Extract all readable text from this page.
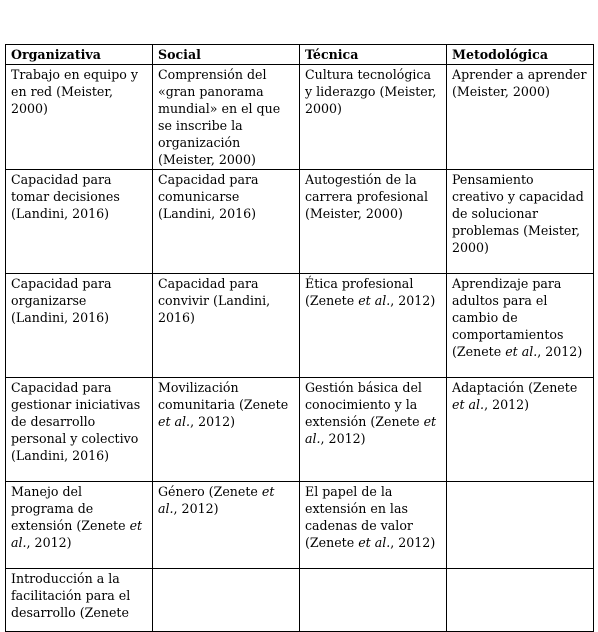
Organizativa	Social	Técnica	Metodológica
Trabajo en equipo y en red (Meister, 2000)	Comprensión del «gran panorama mundial» en el que se inscribe la organización (Meister, 2000)	Cultura tecnológica y liderazgo (Meister, 2000)	Aprender a aprender (Meister, 2000)
Capacidad para tomar decisiones (Landini, 2016)	Capacidad para comunicarse (Landini, 2016)	Autogestión de la carrera profesional (Meister, 2000)	Pensamiento creativo y capacidad de solucionar problemas (Meister, 2000)
Capacidad para organizarse (Landini, 2016)	Capacidad para convivir (Landini, 2016)	Ética profesional (Zenete et al., 2012)	Aprendizaje para adultos para el cambio de comportamientos (Zenete et al., 2012)
Capacidad para gestionar iniciativas de desarrollo personal y colectivo (Landini, 2016)	Movilización comunitaria (Zenete et al., 2012)	Gestión básica del conocimiento y la extensión (Zenete et al., 2012)	Adaptación (Zenete et al., 2012)
Manejo del programa de extensión (Zenete et al., 2012)	Género (Zenete et al., 2012)	El papel de la extensión en las cadenas de valor (Zenete et al., 2012)	
Introducción a la facilitación para el desarrollo (Zenete			
